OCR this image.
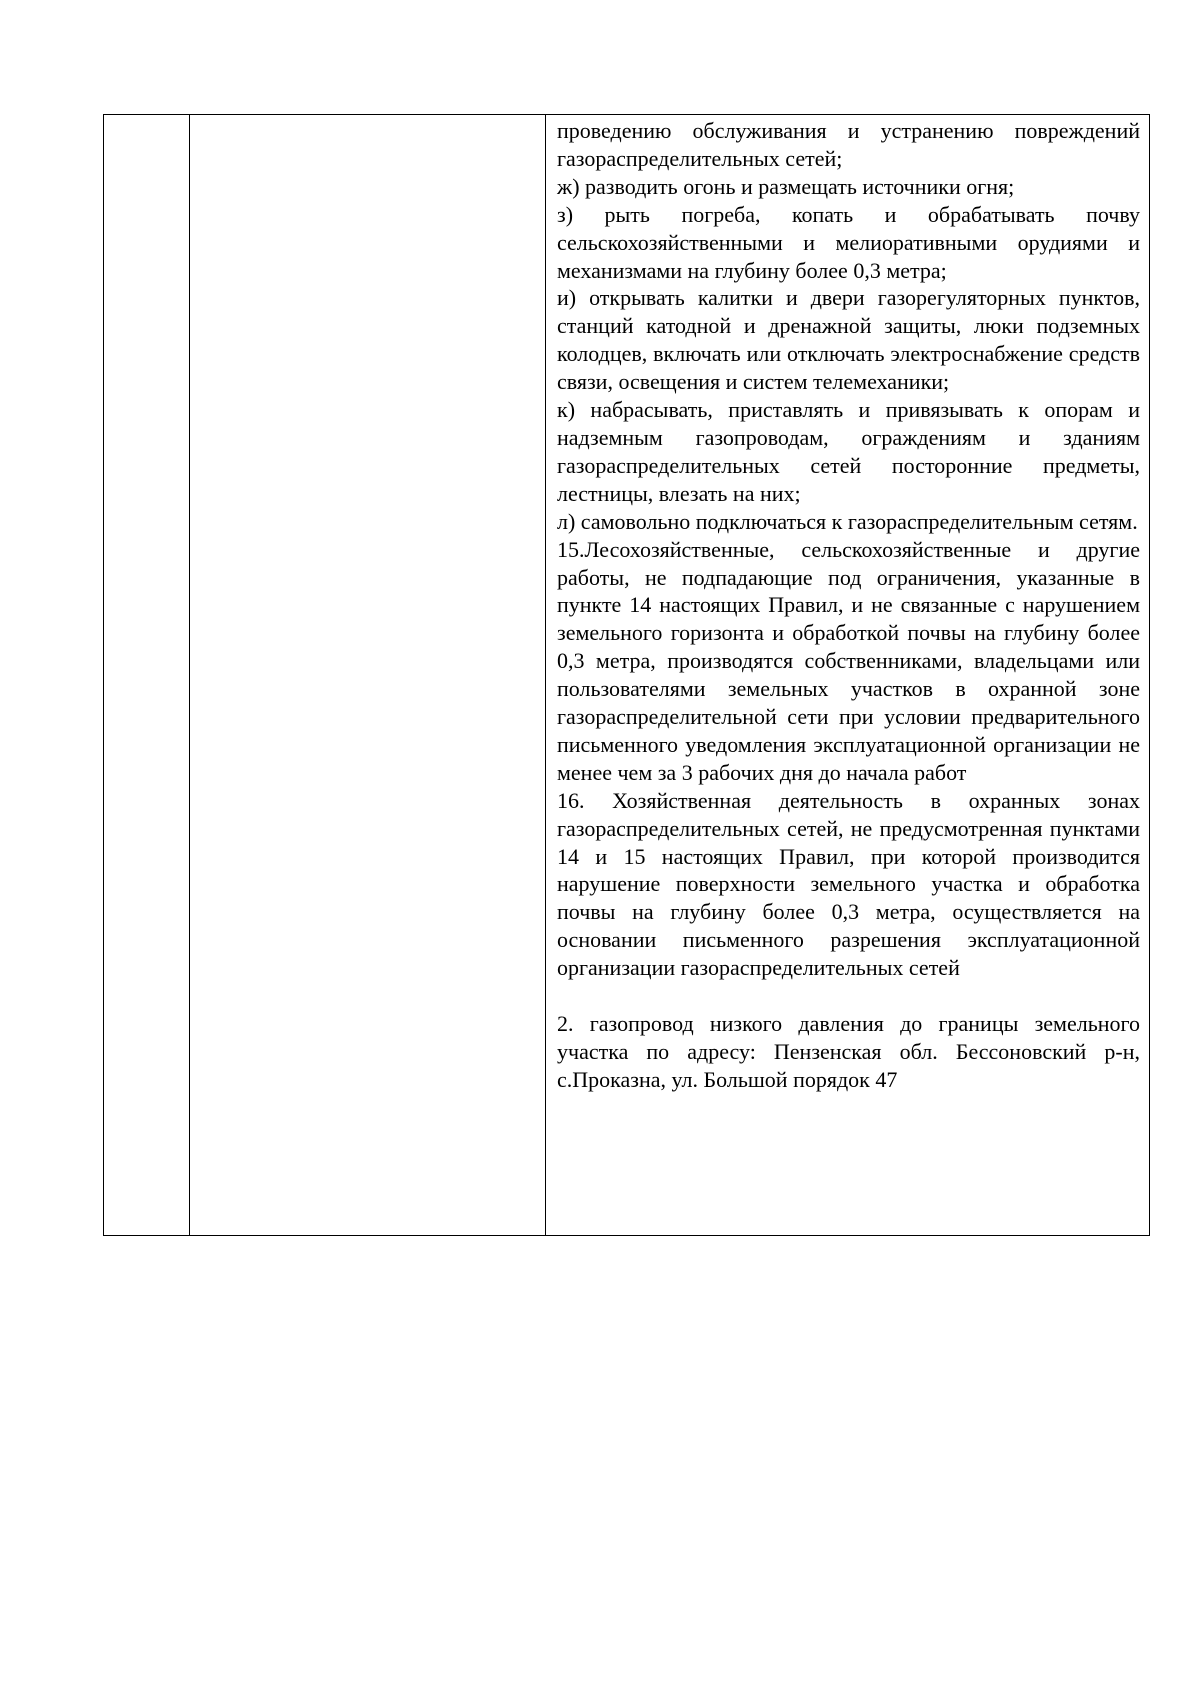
проведению обслуживания и устранению повреждений газораспределительных сетей;

ж) разводить огонь и размещать источники огня;

з) рыть погреба, копать и обрабатывать почву сельскохозяйственными и мелиоративными орудиями и механизмами на глубину более 0,3 метра;

и) открывать калитки и двери газорегуляторных пунктов, станций катодной и дренажной защиты, люки подземных колодцев, включать или отключать электроснабжение средств связи, освещения и систем телемеханики;

к) набрасывать, приставлять и привязывать к опорам и надземным газопроводам, ограждениям и зданиям газораспределительных сетей посторонние предметы, лестницы, влезать на них;

л) самовольно подключаться к газораспределительным сетям.

15.Лесохозяйственные, сельскохозяйственные и другие работы, не подпадающие под ограничения, указанные в пункте 14 настоящих Правил, и не связанные с нарушением земельного горизонта и обработкой почвы на глубину более 0,3 метра, производятся собственниками, владельцами или пользователями земельных участков в охранной зоне газораспределительной сети при условии предварительного письменного уведомления эксплуатационной организации не менее чем за 3 рабочих дня до начала работ

16. Хозяйственная деятельность в охранных зонах газораспределительных сетей, не предусмотренная пунктами 14 и 15 настоящих Правил, при которой производится нарушение поверхности земельного участка и обработка почвы на глубину более 0,3 метра, осуществляется на основании письменного разрешения эксплуатационной организации газораспределительных сетей

2. газопровод низкого давления до границы земельного участка по адресу: Пензенская обл. Бессоновский р-н, с.Проказна, ул. Большой порядок 47
